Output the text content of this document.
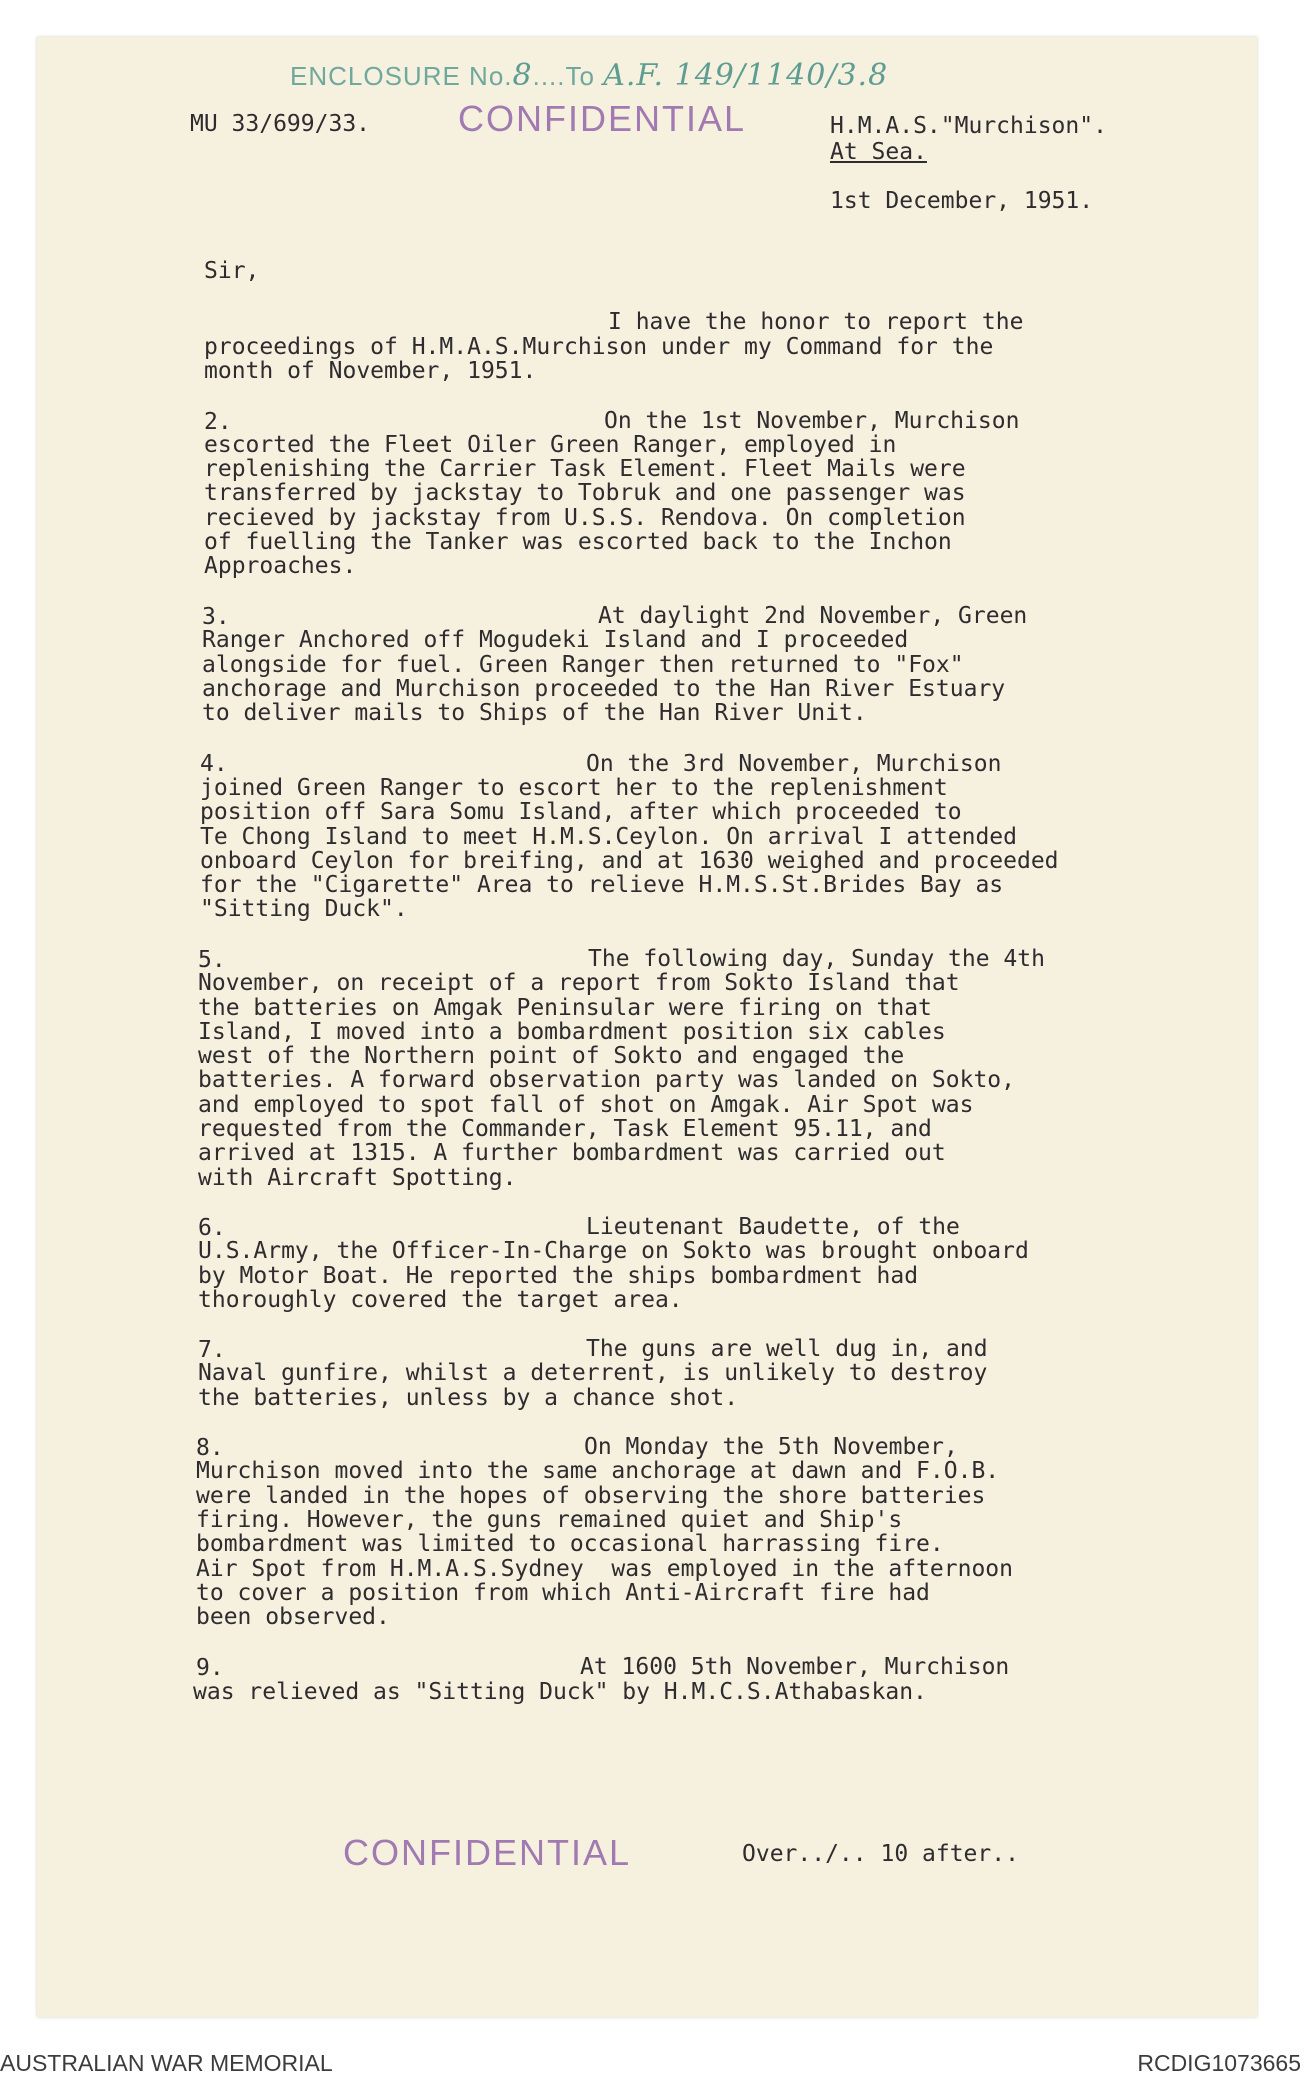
ENCLOSURE No.8....To A.F. 149/1140/3.8
MU 33/699/33. CONFIDENTIAL	H.M.A.S."Murchison".
At Sea.
1st December, 1951.
Sir,
I have the honor to report the
proceedings of H.M.A.S.Murchison under my Command for the
month of November, 1951.
2.	On the 1st November, Murchison
escorted the Fleet Oiler Green Ranger, employed in
replenishing the Carrier Task Element. Fleet Mails were
transferred by jackstay to Tobruk and one passenger was
recieved by jackstay from U.S.S. Rendova. On completion
of fuelling the Tanker was escorted back to the Inchon
Approaches.
3.	At daylight 2nd November, Green
Ranger Anchored off Mogudeki Island and I proceeded
alongside for fuel. Green Ranger then returned to "Fox"
anchorage and Murchison proceeded to the Han River Estuary
to deliver mails to Ships of the Han River Unit.
4.	On the 3rd November, Murchison
joined Green Ranger to escort her to the replenishment
position off Sara Somu Island, after which proceeded to
Te Chong Island to meet H.M.S.Ceylon. On arrival I attended
onboard Ceylon for breifing, and at 1630 weighed and proceeded
for the "Cigarette" Area to relieve H.M.S.St.Brides Bay as
"Sitting Duck".
5.	The following day, Sunday the 4th
November, on receipt of a report from Sokto Island that
the batteries on Amgak Peninsular were firing on that
Island, I moved into a bombardment position six cables
west of the Northern point of Sokto and engaged the
batteries. A forward observation party was landed on Sokto,
and employed to spot fall of shot on Amgak. Air Spot was
requested from the Commander, Task Element 95.11, and
arrived at 1315. A further bombardment was carried out
with Aircraft Spotting.
6.	Lieutenant Baudette, of the
U.S.Army, the Officer-In-Charge on Sokto was brought onboard
by Motor Boat. He reported the ships bombardment had
thoroughly covered the target area.
7.	The guns are well dug in, and
Naval gunfire, whilst a deterrent, is unlikely to destroy
the batteries, unless by a chance shot.
8.	On Monday the 5th November,
Murchison moved into the same anchorage at dawn and F.O.B.
were landed in the hopes of observing the shore batteries
firing. However, the guns remained quiet and Ship's
bombardment was limited to occasional harrassing fire.
Air Spot from H.M.A.S.Sydney  was employed in the afternoon
to cover a position from which Anti-Aircraft fire had
been observed.
9.	At 1600 5th November, Murchison
was relieved as "Sitting Duck" by H.M.C.S.Athabaskan.
CONFIDENTIAL	Over../.. 10 after..
AUSTRALIAN WAR MEMORIAL	RCDIG1073665
